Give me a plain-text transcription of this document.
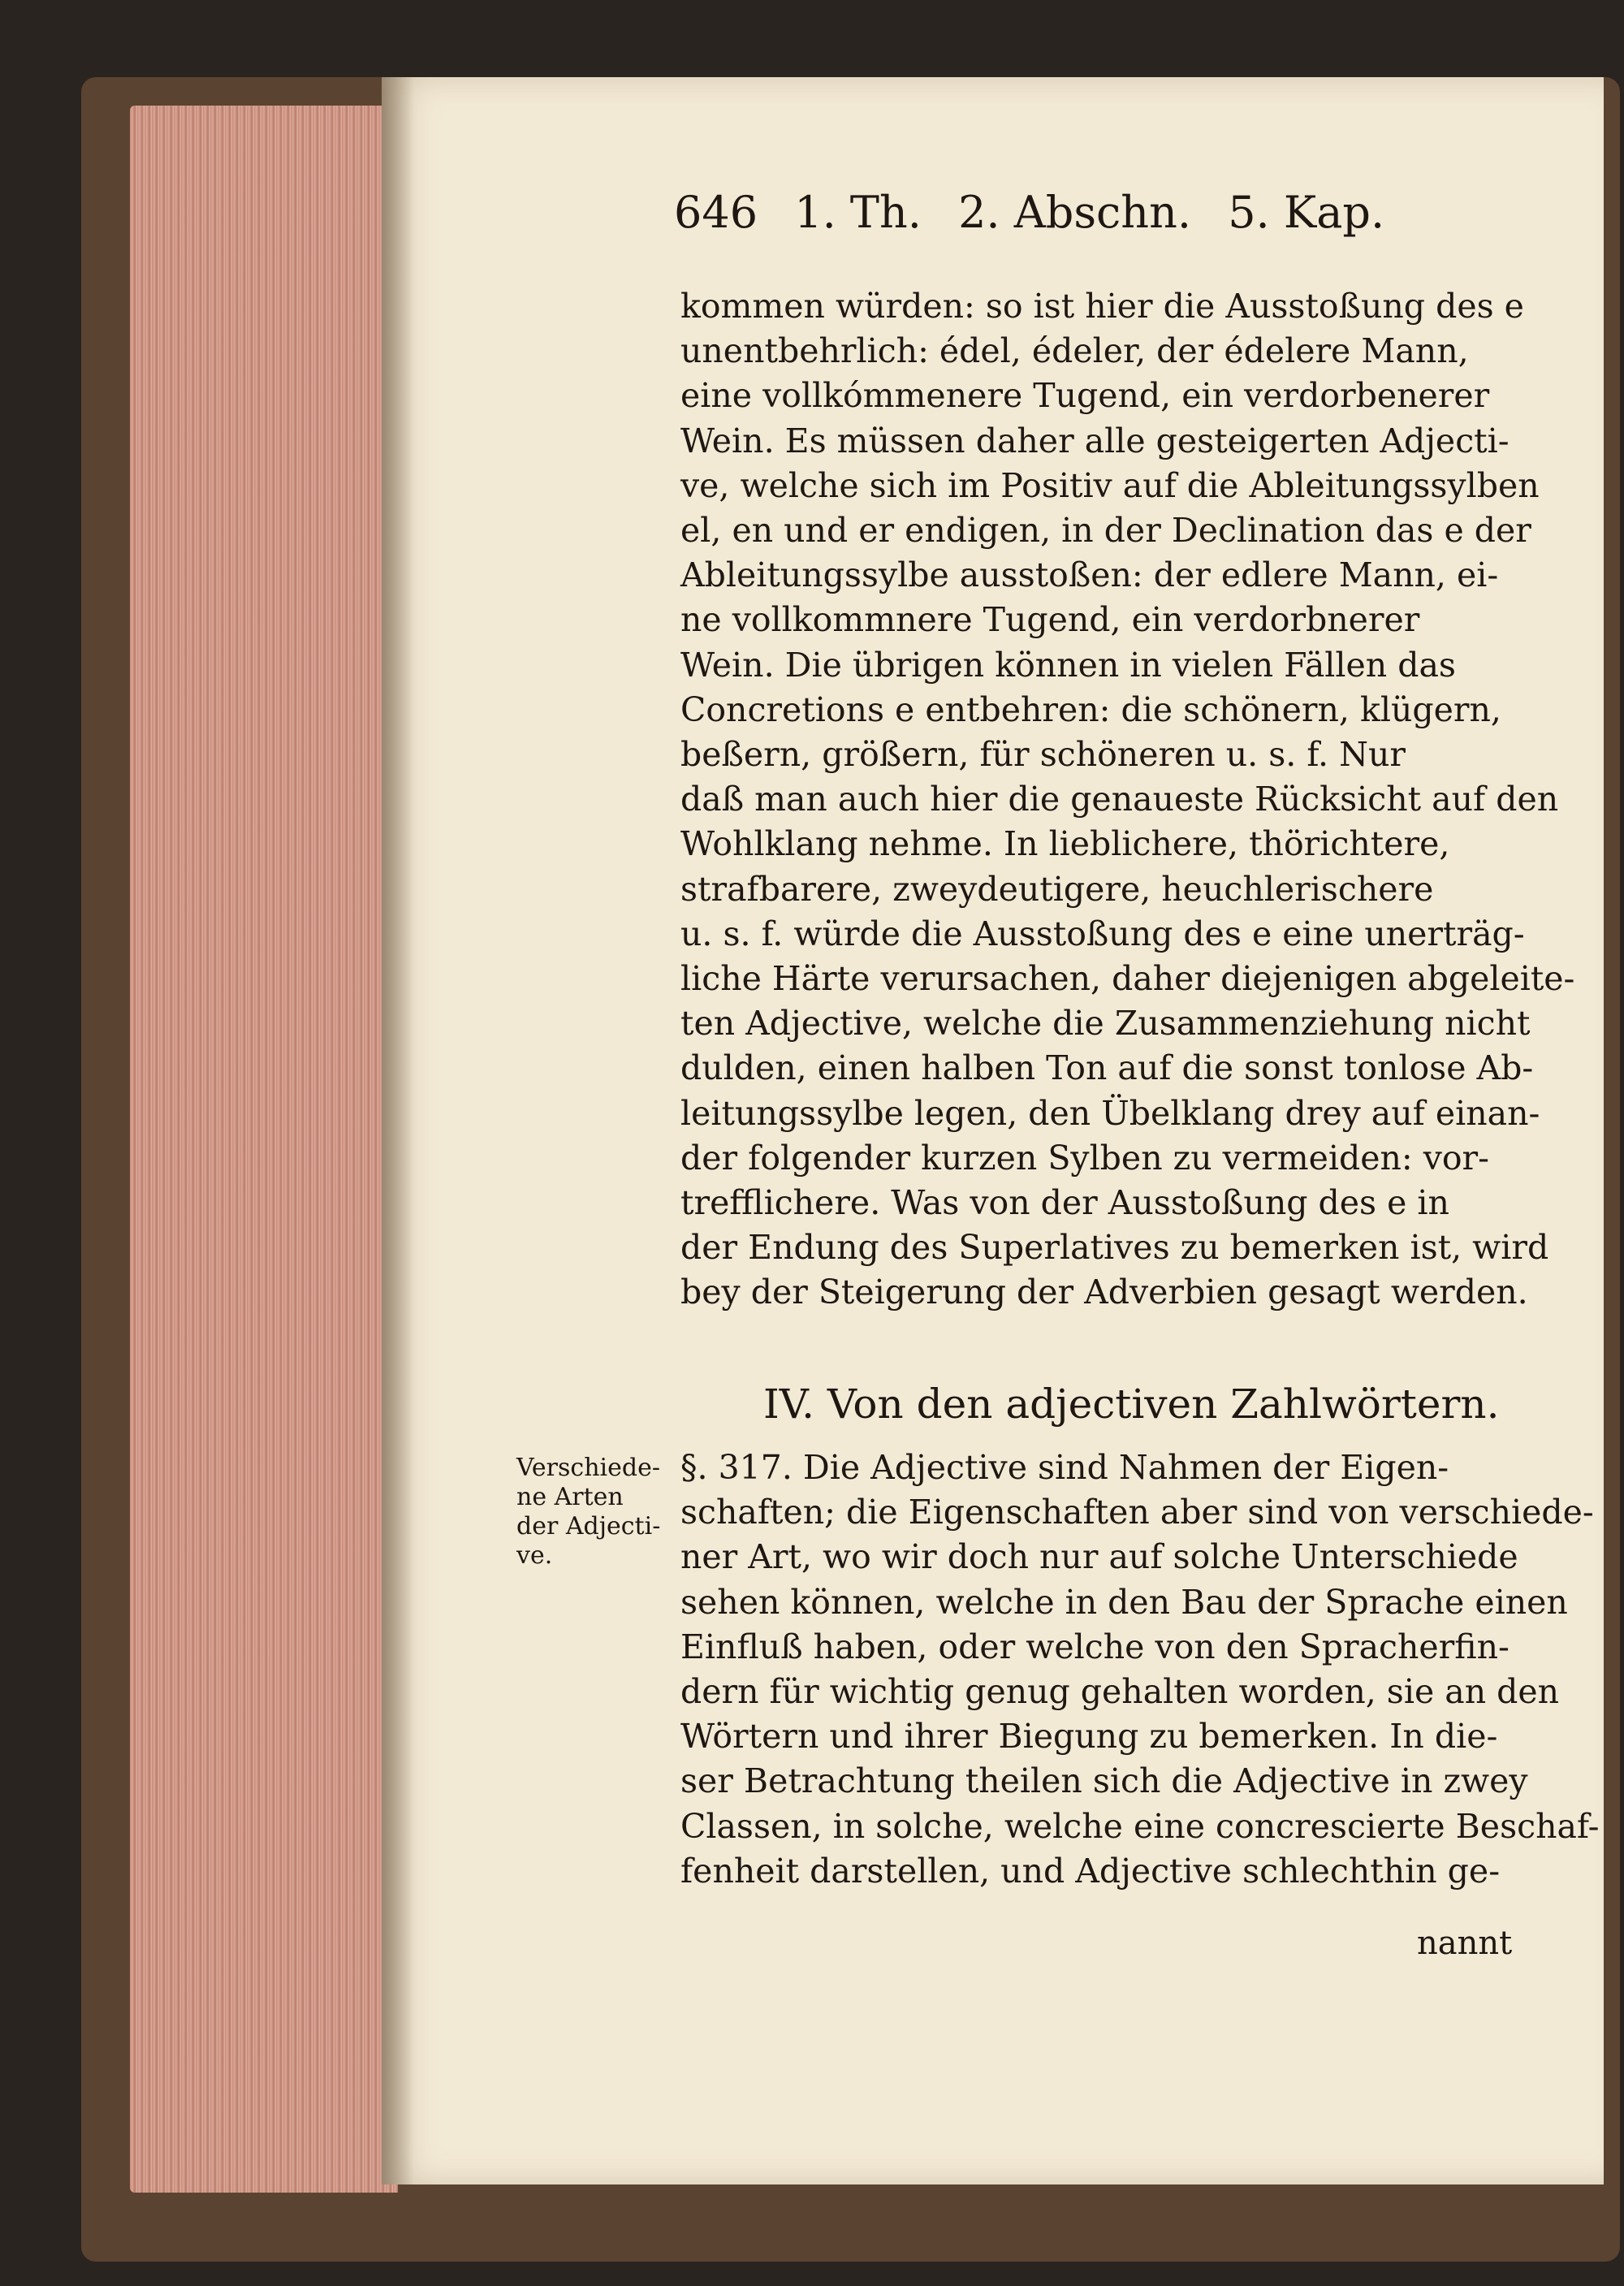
646 1. Th. 2. Abschn. 5. Kap.
kommen würden: so ist hier die Ausstoßung des e
unentbehrlich: édel, édeler, der édelere Mann,
eine vollkómmenere Tugend, ein verdorbenerer
Wein. Es müssen daher alle gesteigerten Adjecti-
ve, welche sich im Positiv auf die Ableitungssylben
el, en und er endigen, in der Declination das e der
Ableitungssylbe ausstoßen: der edlere Mann, ei-
ne vollkommnere Tugend, ein verdorbnerer
Wein. Die übrigen können in vielen Fällen das
Concretions e entbehren: die schönern, klügern,
beßern, größern, für schöneren u. s. f. Nur
daß man auch hier die genaueste Rücksicht auf den
Wohlklang nehme. In lieblichere, thörichtere,
strafbarere, zweydeutigere, heuchlerischere
u. s. f. würde die Ausstoßung des e eine unerträg-
liche Härte verursachen, daher diejenigen abgeleite-
ten Adjective, welche die Zusammenziehung nicht
dulden, einen halben Ton auf die sonst tonlose Ab-
leitungssylbe legen, den Übelklang drey auf einan-
der folgender kurzen Sylben zu vermeiden: vor-
trefflichere. Was von der Ausstoßung des e in
der Endung des Superlatives zu bemerken ist, wird
bey der Steigerung der Adverbien gesagt werden.
IV. Von den adjectiven Zahlwörtern.
Verschiede-
ne Arten
der Adjecti-
ve.
§. 317. Die Adjective sind Nahmen der Eigen-
schaften; die Eigenschaften aber sind von verschiede-
ner Art, wo wir doch nur auf solche Unterschiede
sehen können, welche in den Bau der Sprache einen
Einfluß haben, oder welche von den Spracherfin-
dern für wichtig genug gehalten worden, sie an den
Wörtern und ihrer Biegung zu bemerken. In die-
ser Betrachtung theilen sich die Adjective in zwey
Classen, in solche, welche eine concrescierte Beschaf-
fenheit darstellen, und Adjective schlechthin ge-
nannt
